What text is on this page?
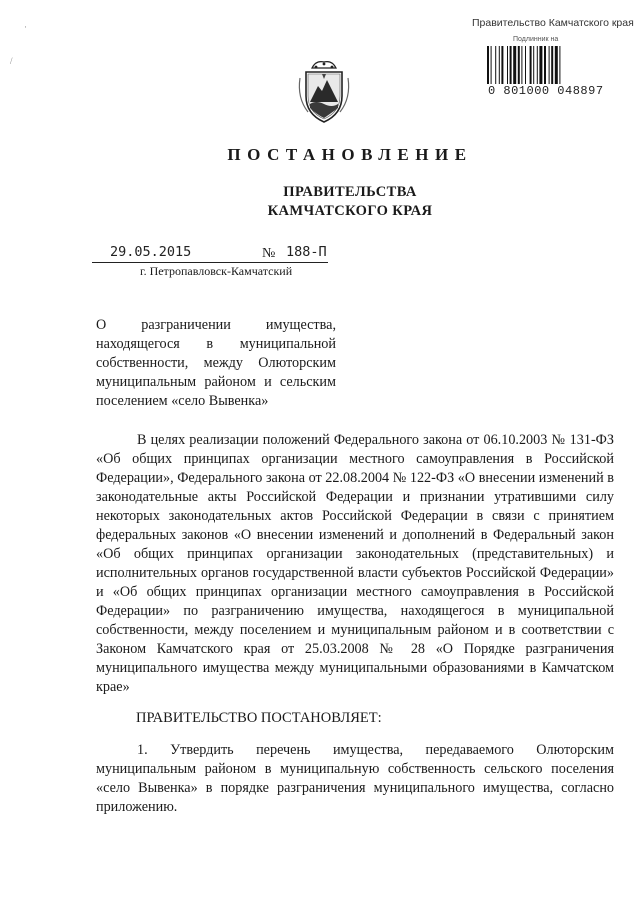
·
/
Правительство Камчатского края
Подлинник на
0 801000 048897
ПОСТАНОВЛЕНИЕ
ПРАВИТЕЛЬСТВА
КАМЧАТСКОГО КРАЯ
29.05.2015	№ 188-П
г. Петропавловск-Камчатский

О разграничении имущества,

находящегося в муниципальной

собственности, между Олюторским

муниципальным районом и сельским

поселением «село Вывенка»

В целях реализации положений Федерального закона от 06.10.2003 № 131-ФЗ «Об общих принципах организации местного самоуправления в Российской Федерации», Федерального закона от 22.08.2004 № 122-ФЗ «О внесении изменений в законодательные акты Российской Федерации и признании утратившими силу некоторых законодательных актов Российской Федерации в связи с принятием федеральных законов «О внесении изменений и дополнений в Федеральный закон «Об общих принципах организации законодательных (представительных) и исполнительных органов государственной власти субъектов Российской Федерации» и «Об общих принципах организации местного самоуправления в Российской Федерации» по разграничению имущества, находящегося в муниципальной собственности, между поселением и муниципальным районом и в соответствии с Законом Камчатского края от 25.03.2008 № 28 «О Порядке разграничения муниципального имущества между муниципальными образованиями в Камчатском крае»

ПРАВИТЕЛЬСТВО ПОСТАНОВЛЯЕТ:

1. Утвердить перечень имущества, передаваемого Олюторским муниципальным районом в муниципальную собственность сельского поселения «село Вывенка» в порядке разграничения муниципального имущества, согласно приложению.
